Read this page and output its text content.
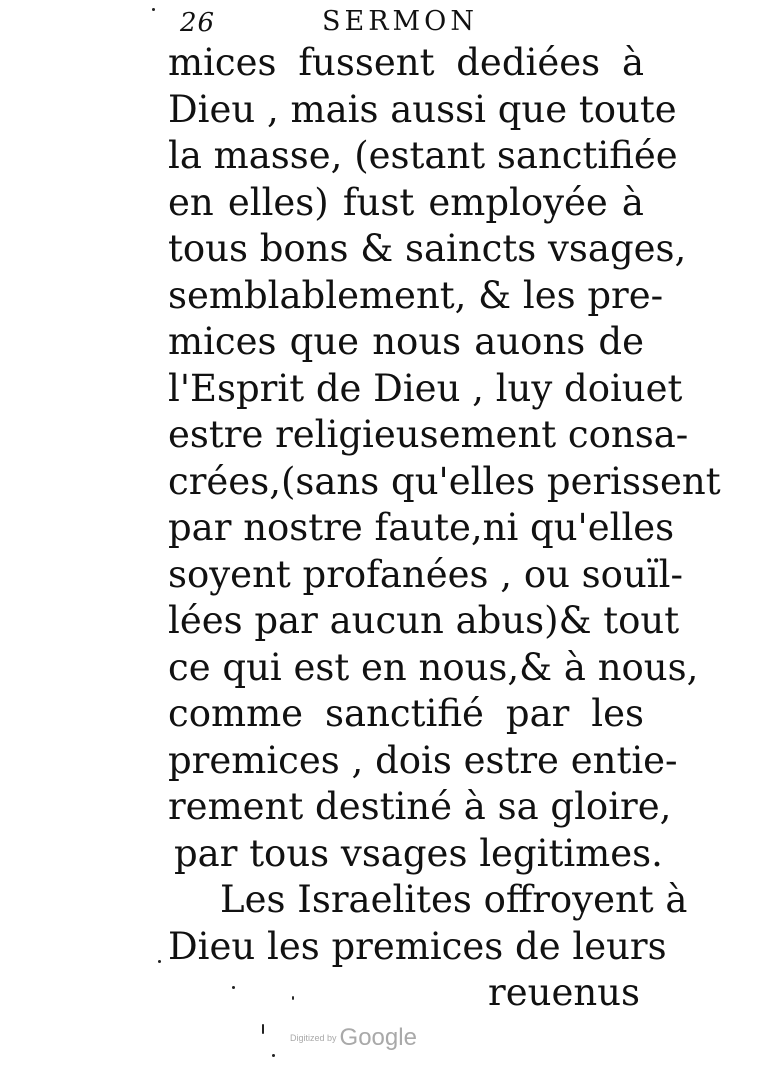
26	SERMON
mices fussent dediées à
Dieu , mais aussi que toute
la masse, (estant sanctifiée
en elles) fust employée à
tous bons & saincts vsages,
semblablement, & les pre-
mices que nous auons de
l'Esprit de Dieu , luy doiuet
estre religieusement consa-
crées,(sans qu'elles perissent
par nostre faute,ni qu'elles
soyent profanées , ou souïl-
lées par aucun abus)& tout
ce qui est en nous,& à nous,
comme sanctifié par les
premices , dois estre entie-
rement destiné à sa gloire,
par tous vsages legitimes.
Les Israelites offroyent à
Dieu les premices de leurs
reuenus
Digitized by Google
